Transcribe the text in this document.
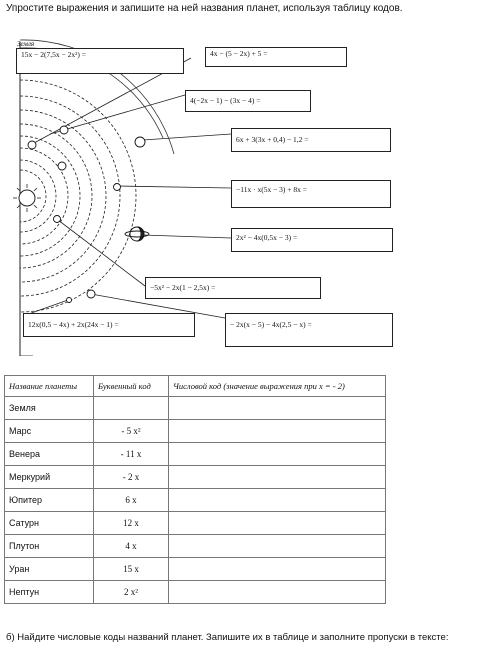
Упростите выражения и запишите на ней названия планет, используя таблицу кодов.
Земля
15x − 2(7,5x − 2x²) =	4x − (5 − 2x) + 5 =
4(−2x − 1) − (3x − 4) =
6x + 3(3x + 0,4) − 1,2 =
−11x · x(5x − 3) + 8x =
2x² − 4x(0,5x − 3) =
−5x² − 2x(1 − 2,5x) =
12x(0,5 − 4x) + 2x(24x − 1) =	− 2x(x − 5) − 4x(2,5 − x) =
Название планеты	Буквенный код	Числовой код (значение выражения при x = - 2)
Земля		
Марс	- 5 x²	
Венера	- 11 x	
Меркурий	- 2 x	
Юпитер	6 x	
Сатурн	12 x	
Плутон	4 x	
Уран	15 x	
Нептун	2 x²	
б) Найдите числовые коды названий планет. Запишите их в таблице и заполните пропуски в тексте:
